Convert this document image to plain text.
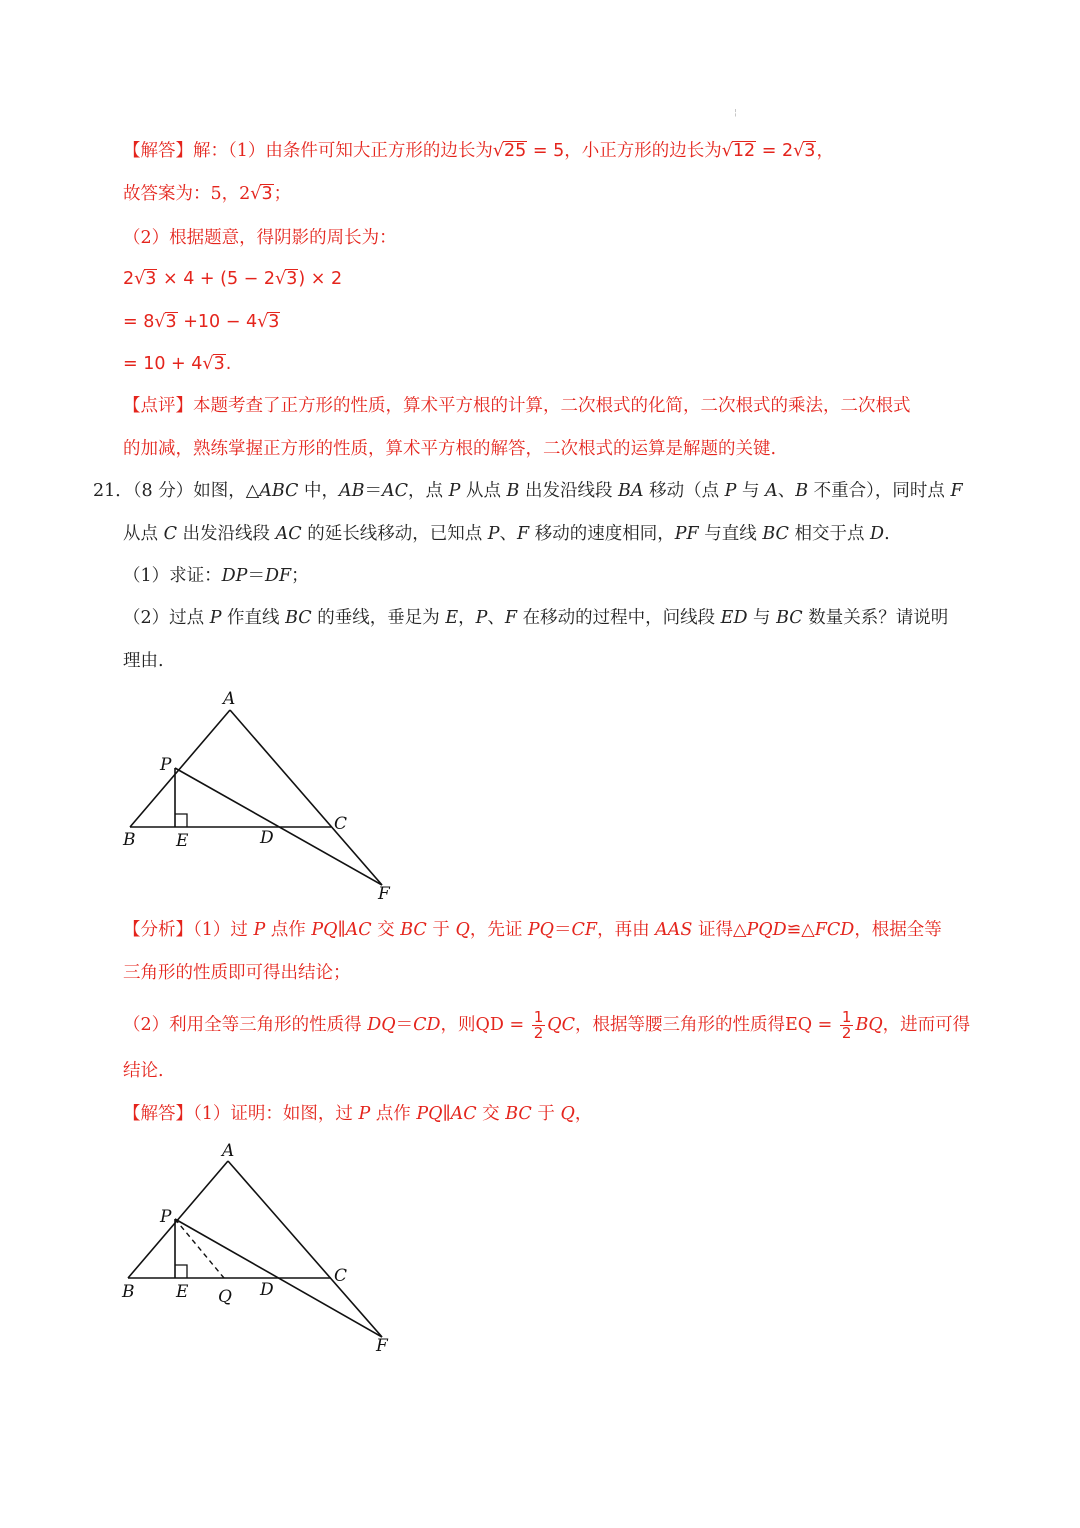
¦
【解答】解：（1）由条件可知大正方形的边长为√25 = 5，小正方形的边长为√12 = 2√3，
故答案为：5，2√3；
（2）根据题意，得阴影的周长为：
2√3 × 4 + (5 − 2√3) × 2
= 8√3 +10 − 4√3
= 10 + 4√3.
【点评】本题考查了正方形的性质，算术平方根的计算，二次根式的化简，二次根式的乘法，二次根式
的加减，熟练掌握正方形的性质，算术平方根的解答，二次根式的运算是解题的关键.
21．（8 分）如图，△ABC 中，AB＝AC，点 P 从点 B 出发沿线段 BA 移动（点 P 与 A、B 不重合），同时点 F
从点 C 出发沿线段 AC 的延长线移动，已知点 P、F 移动的速度相同，PF 与直线 BC 相交于点 D.
（1）求证：DP＝DF；
（2）过点 P 作直线 BC 的垂线，垂足为 E，P、F 在移动的过程中，问线段 ED 与 BC 数量关系？请说明
理由.
A
P
B E	D
C
F
【分析】（1）过 P 点作 PQ∥AC 交 BC 于 Q，先证 PQ＝CF，再由 AAS 证得△PQD≌△FCD，根据全等
三角形的性质即可得出结论；
（2）利用全等三角形的性质得 DQ＝CD，则QD = $\frac{1}{2}$ QC，根据等腰三角形的性质得EQ = $\frac{1}{2}$ BQ，进而可得
结论.
【解答】（1）证明：如图，过 P 点作 PQ∥AC 交 BC 于 Q，
A
P
B E Q D
C
F
